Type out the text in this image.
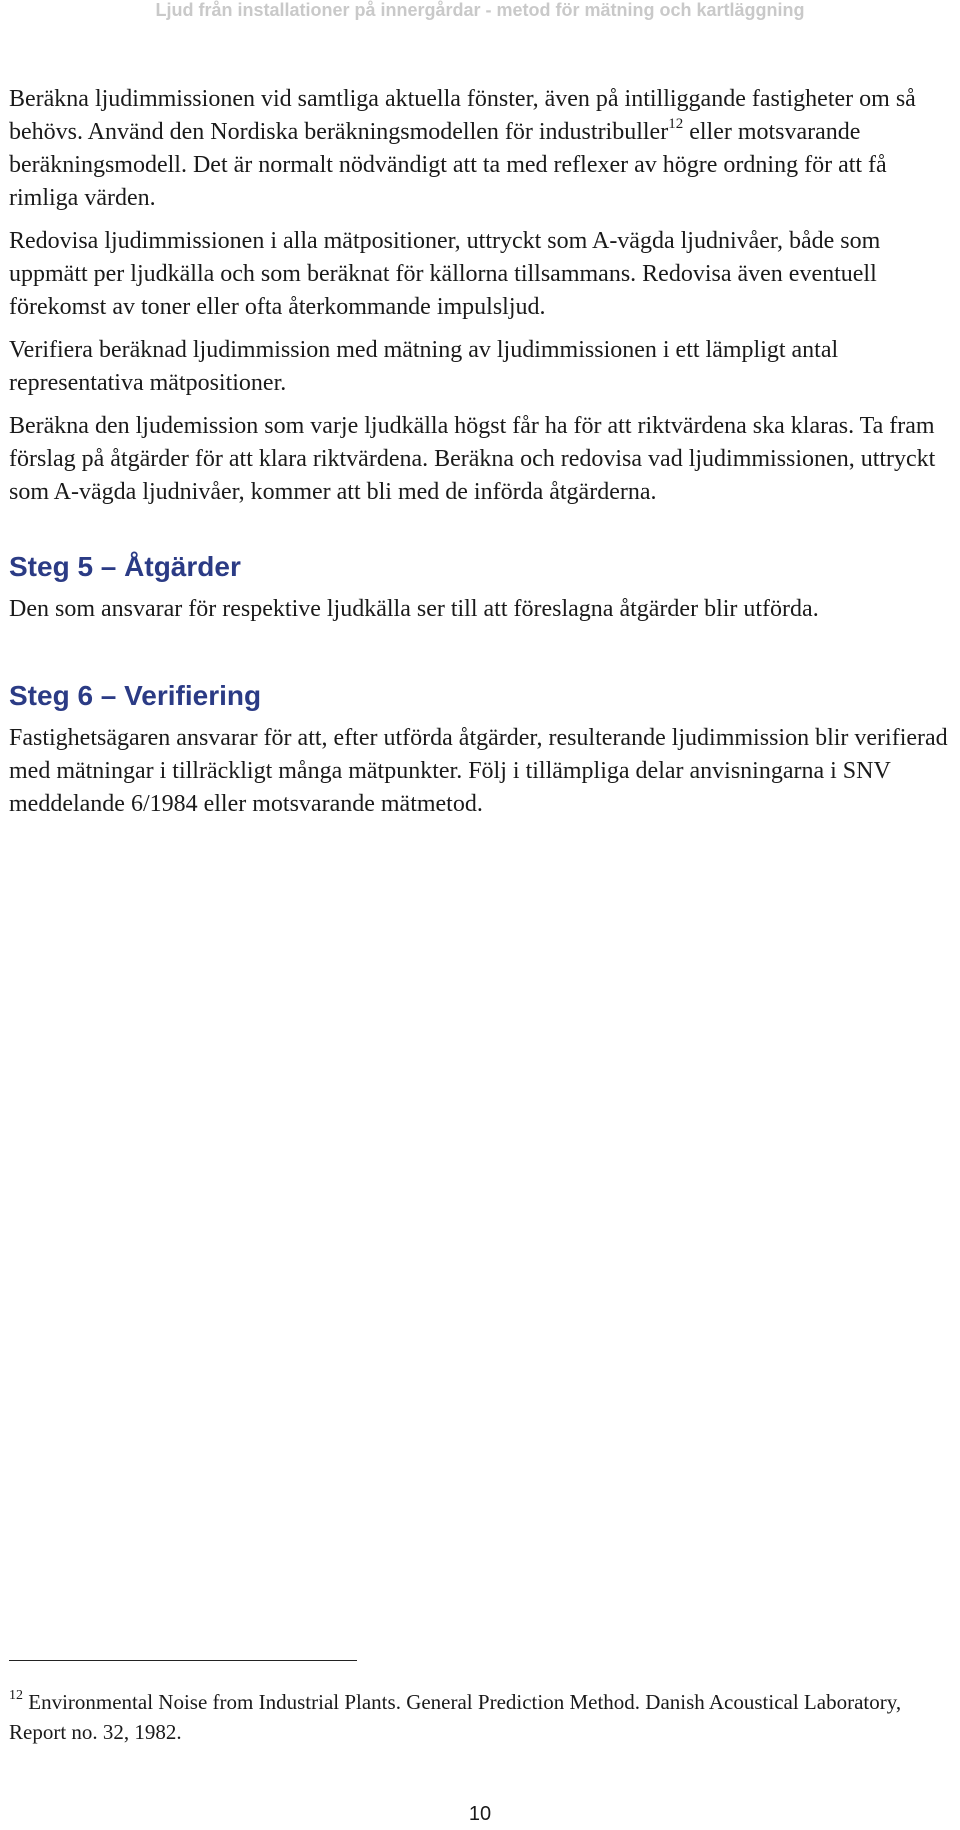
Ljud från installationer på innergårdar - metod för mätning och kartläggning

Beräkna ljudimmissionen vid samtliga aktuella fönster, även på intilliggande fastigheter om så behövs. Använd den Nordiska beräkningsmodellen för industribuller$^{12}$ eller motsvarande beräkningsmodell. Det är normalt nödvändigt att ta med reflexer av högre ordning för att få rimliga värden.

Redovisa ljudimmissionen i alla mätpositioner, uttryckt som A-vägda ljudnivåer, både som uppmätt per ljudkälla och som beräknat för källorna tillsammans. Redovisa även eventuell förekomst av toner eller ofta återkommande impulsljud.

Verifiera beräknad ljudimmission med mätning av ljudimmissionen i ett lämpligt antal representativa mätpositioner.

Beräkna den ljudemission som varje ljudkälla högst får ha för att riktvärdena ska klaras. Ta fram förslag på åtgärder för att klara riktvärdena. Beräkna och redovisa vad ljudimmissionen, uttryckt som A-vägda ljudnivåer, kommer att bli med de införda åtgärderna.

Steg 5 – Åtgärder

Den som ansvarar för respektive ljudkälla ser till att föreslagna åtgärder blir utförda.

Steg 6 – Verifiering

Fastighetsägaren ansvarar för att, efter utförda åtgärder, resulterande ljudimmission blir verifierad med mätningar i tillräckligt många mätpunkter. Följ i tillämpliga delar anvisningarna i SNV meddelande 6/1984 eller motsvarande mätmetod.

$^{12}$ Environmental Noise from Industrial Plants. General Prediction Method. Danish Acoustical Laboratory, Report no. 32, 1982.
10
